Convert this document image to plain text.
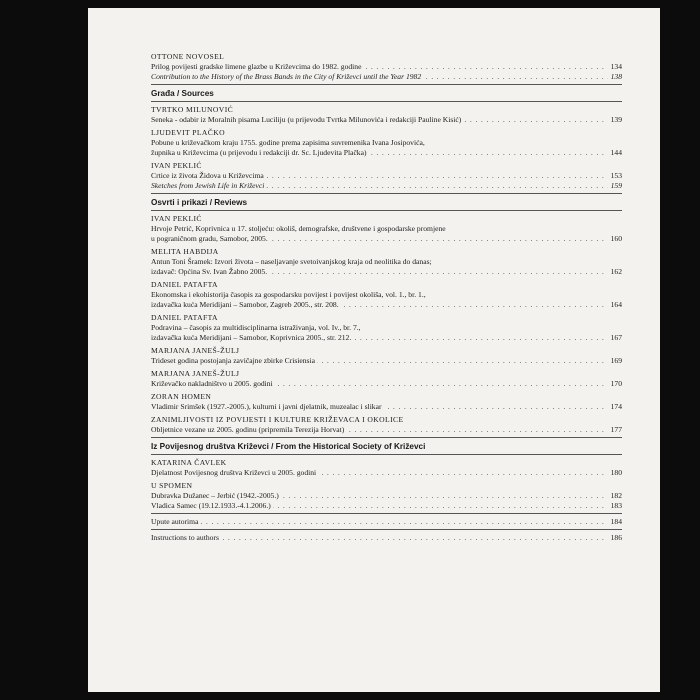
OTTONE NOVOSEL
. . . Prilog povijesti gradske limene glazbe u Križevcima do 1982. godine	134
. . . Contribution to the History of the Brass Bands in the City of Križevci until the Year 1982	138
Građa / Sources
TVRTKO MILUNOVIĆ
. . . Seneka - odabir iz Moralnih pisama Luciliju (u prijevodu Tvrtka Milunovića i redakciji Pauline Kisić)	139
LJUDEVIT PLAČKO
Pobune u križevačkom kraju 1755. godine prema zapisima suvremenika Ivana Josipovića,
. . . župnika u Križevcima (u prijevodu i redakciji dr. Sc. Ljudevita Plačka)	144
IVAN PEKLIĆ
. . . Crtice iz života Židova u Križevcima	153
. . . Sketches from Jewish Life in Križevci	159
Osvrti i prikazi / Reviews
IVAN PEKLIĆ
Hrvoje Petrić, Koprivnica u 17. stoljeću: okoliš, demografske, društvene i gospodarske promjene
. . . u pograničnom gradu, Samobor, 2005.	160
MELITA HABDIJA
Antun Toni Šramek: Izvori života – naseljavanje svetoivanjskog kraja od neolitika do danas;
. . . izdavač: Općina Sv. Ivan Žabno 2005.	162
DANIEL PATAFTA
Ekonomska i ekohistorija časopis za gospodarsku povijest i povijest okoliša, vol. 1., br. 1.,
. . . izdavačka kuća Meridijani – Samobor, Zagreb 2005., str. 208.	164
DANIEL PATAFTA
Podravina – časopis za multidisciplinarna istraživanja, vol. Iv., br. 7.,
. . . izdavačka kuća Meridijani – Samobor, Koprivnica 2005., str. 212.	167
MARJANA JANEŠ-ŽULJ
. . . Trideset godina postojanja zavičajne zbirke Crisiensia	169
MARJANA JANEŠ-ŽULJ
. . . Križevačko nakladništvo u 2005. godini	170
ZORAN HOMEN
. . . Vladimir Srimšek (1927.-2005.), kulturni i javni djelatnik, muzealac i slikar	174
ZANIMLJIVOSTI IZ POVIJESTI I KULTURE KRIŽEVACA I OKOLICE
. . . Obljetnice vezane uz 2005. godinu (pripremila Terezija Horvat)	177
Iz Povijesnog društva Križevci / From the Historical Society of Križevci
KATARINA ČAVLEK
. . . Djelatnost Povijesnog društva Križevci u 2005. godini	180
U SPOMEN
. . . Dubravka Dužanec – Jerbić (1942.-2005.)	182
. . . Vladica Samec (19.12.1933.-4.1.2006.)	183
. . . Upute autorima	184
. . . Instructions to authors	186
